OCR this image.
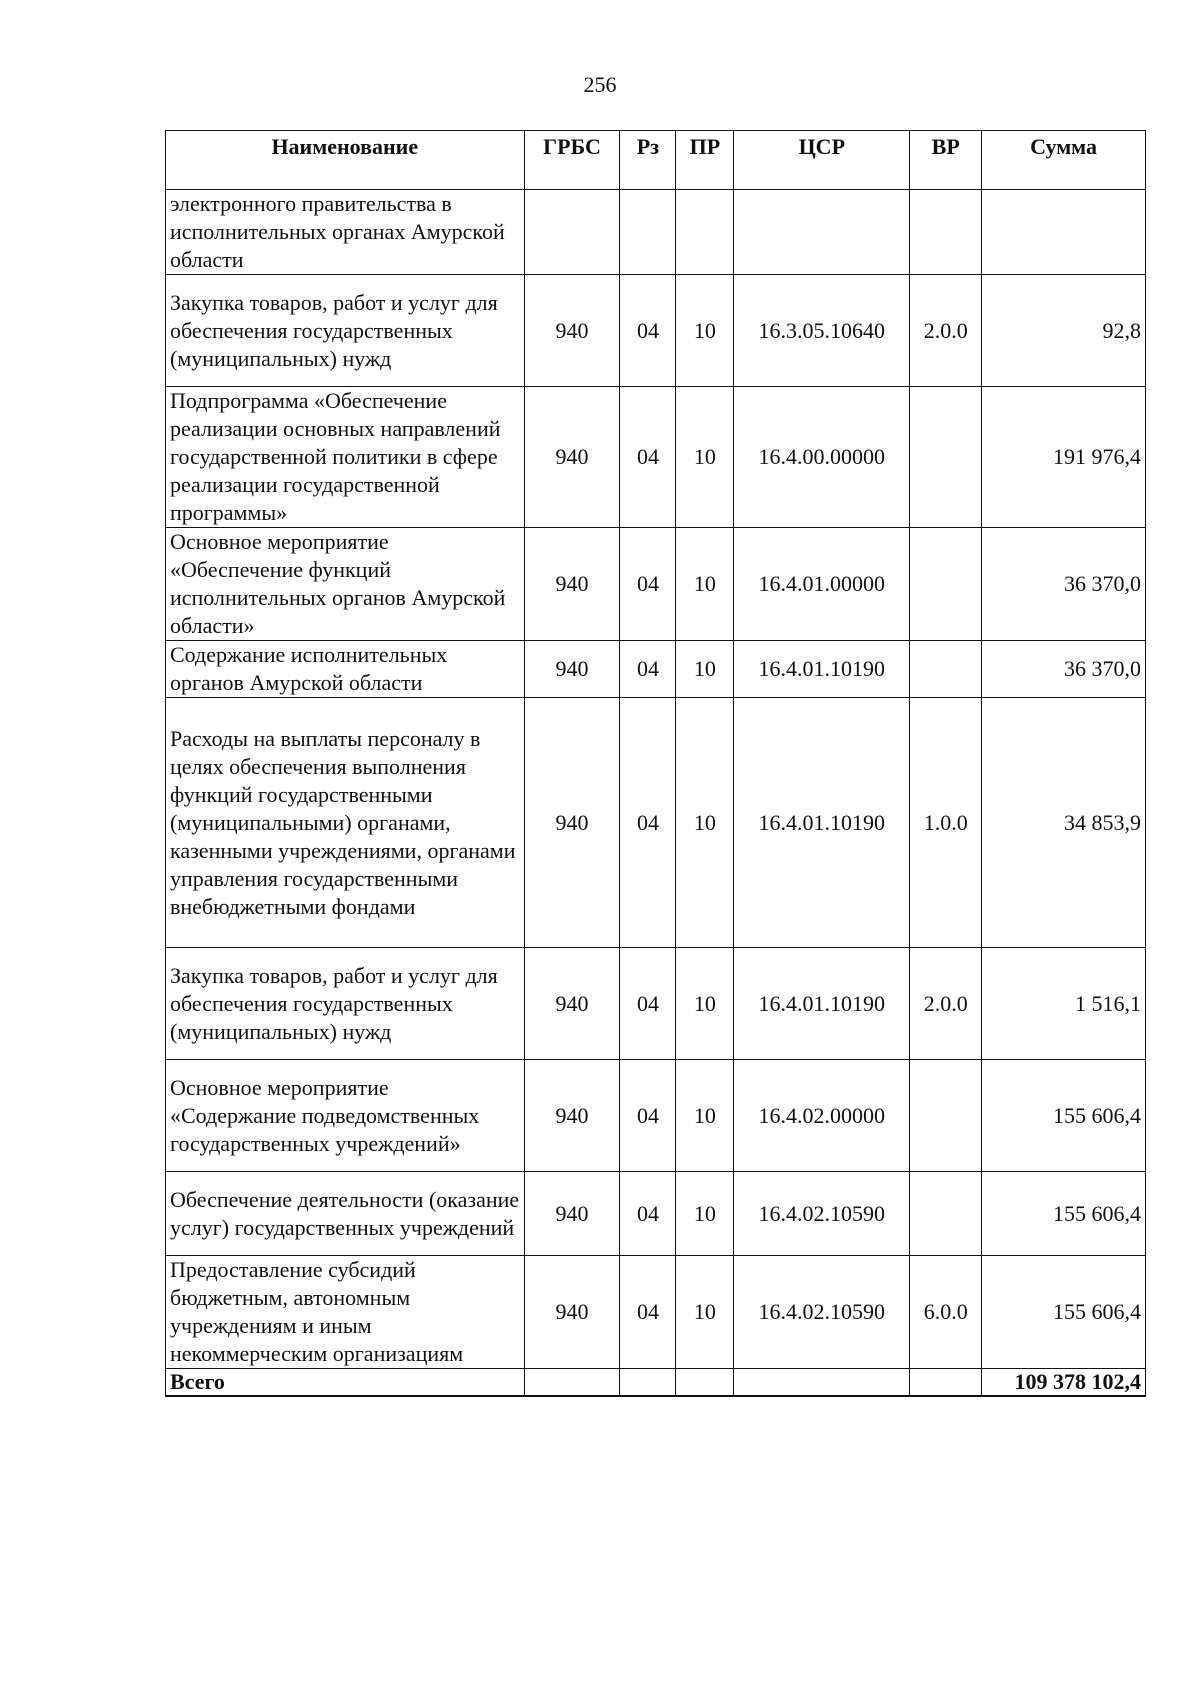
256
Наименование	ГРБС	Рз	ПР	ЦСР	ВР	Сумма
электронного правительства в исполнительных органах Амурской области						
Закупка товаров, работ и услуг для обеспечения государственных (муниципальных) нужд	940	04	10	16.3.05.10640	2.0.0	92,8
Подпрограмма «Обеспечение реализации основных направлений государственной политики в сфере реализации государственной программы»	940	04	10	16.4.00.00000		191 976,4
Основное мероприятие «Обеспечение функций исполнительных органов Амурской области»	940	04	10	16.4.01.00000		36 370,0
Содержание исполнительных органов Амурской области	940	04	10	16.4.01.10190		36 370,0
Расходы на выплаты персоналу в целях обеспечения выполнения функций государственными (муниципальными) органами, казенными учреждениями, органами управления государственными внебюджетными фондами	940	04	10	16.4.01.10190	1.0.0	34 853,9
Закупка товаров, работ и услуг для обеспечения государственных (муниципальных) нужд	940	04	10	16.4.01.10190	2.0.0	1 516,1
Основное мероприятие «Содержание подведомственных государственных учреждений»	940	04	10	16.4.02.00000		155 606,4
Обеспечение деятельности (оказание услуг) государственных учреждений	940	04	10	16.4.02.10590		155 606,4
Предоставление субсидий бюджетным, автономным учреждениям и иным некоммерческим организациям	940	04	10	16.4.02.10590	6.0.0	155 606,4
Всего						109 378 102,4
